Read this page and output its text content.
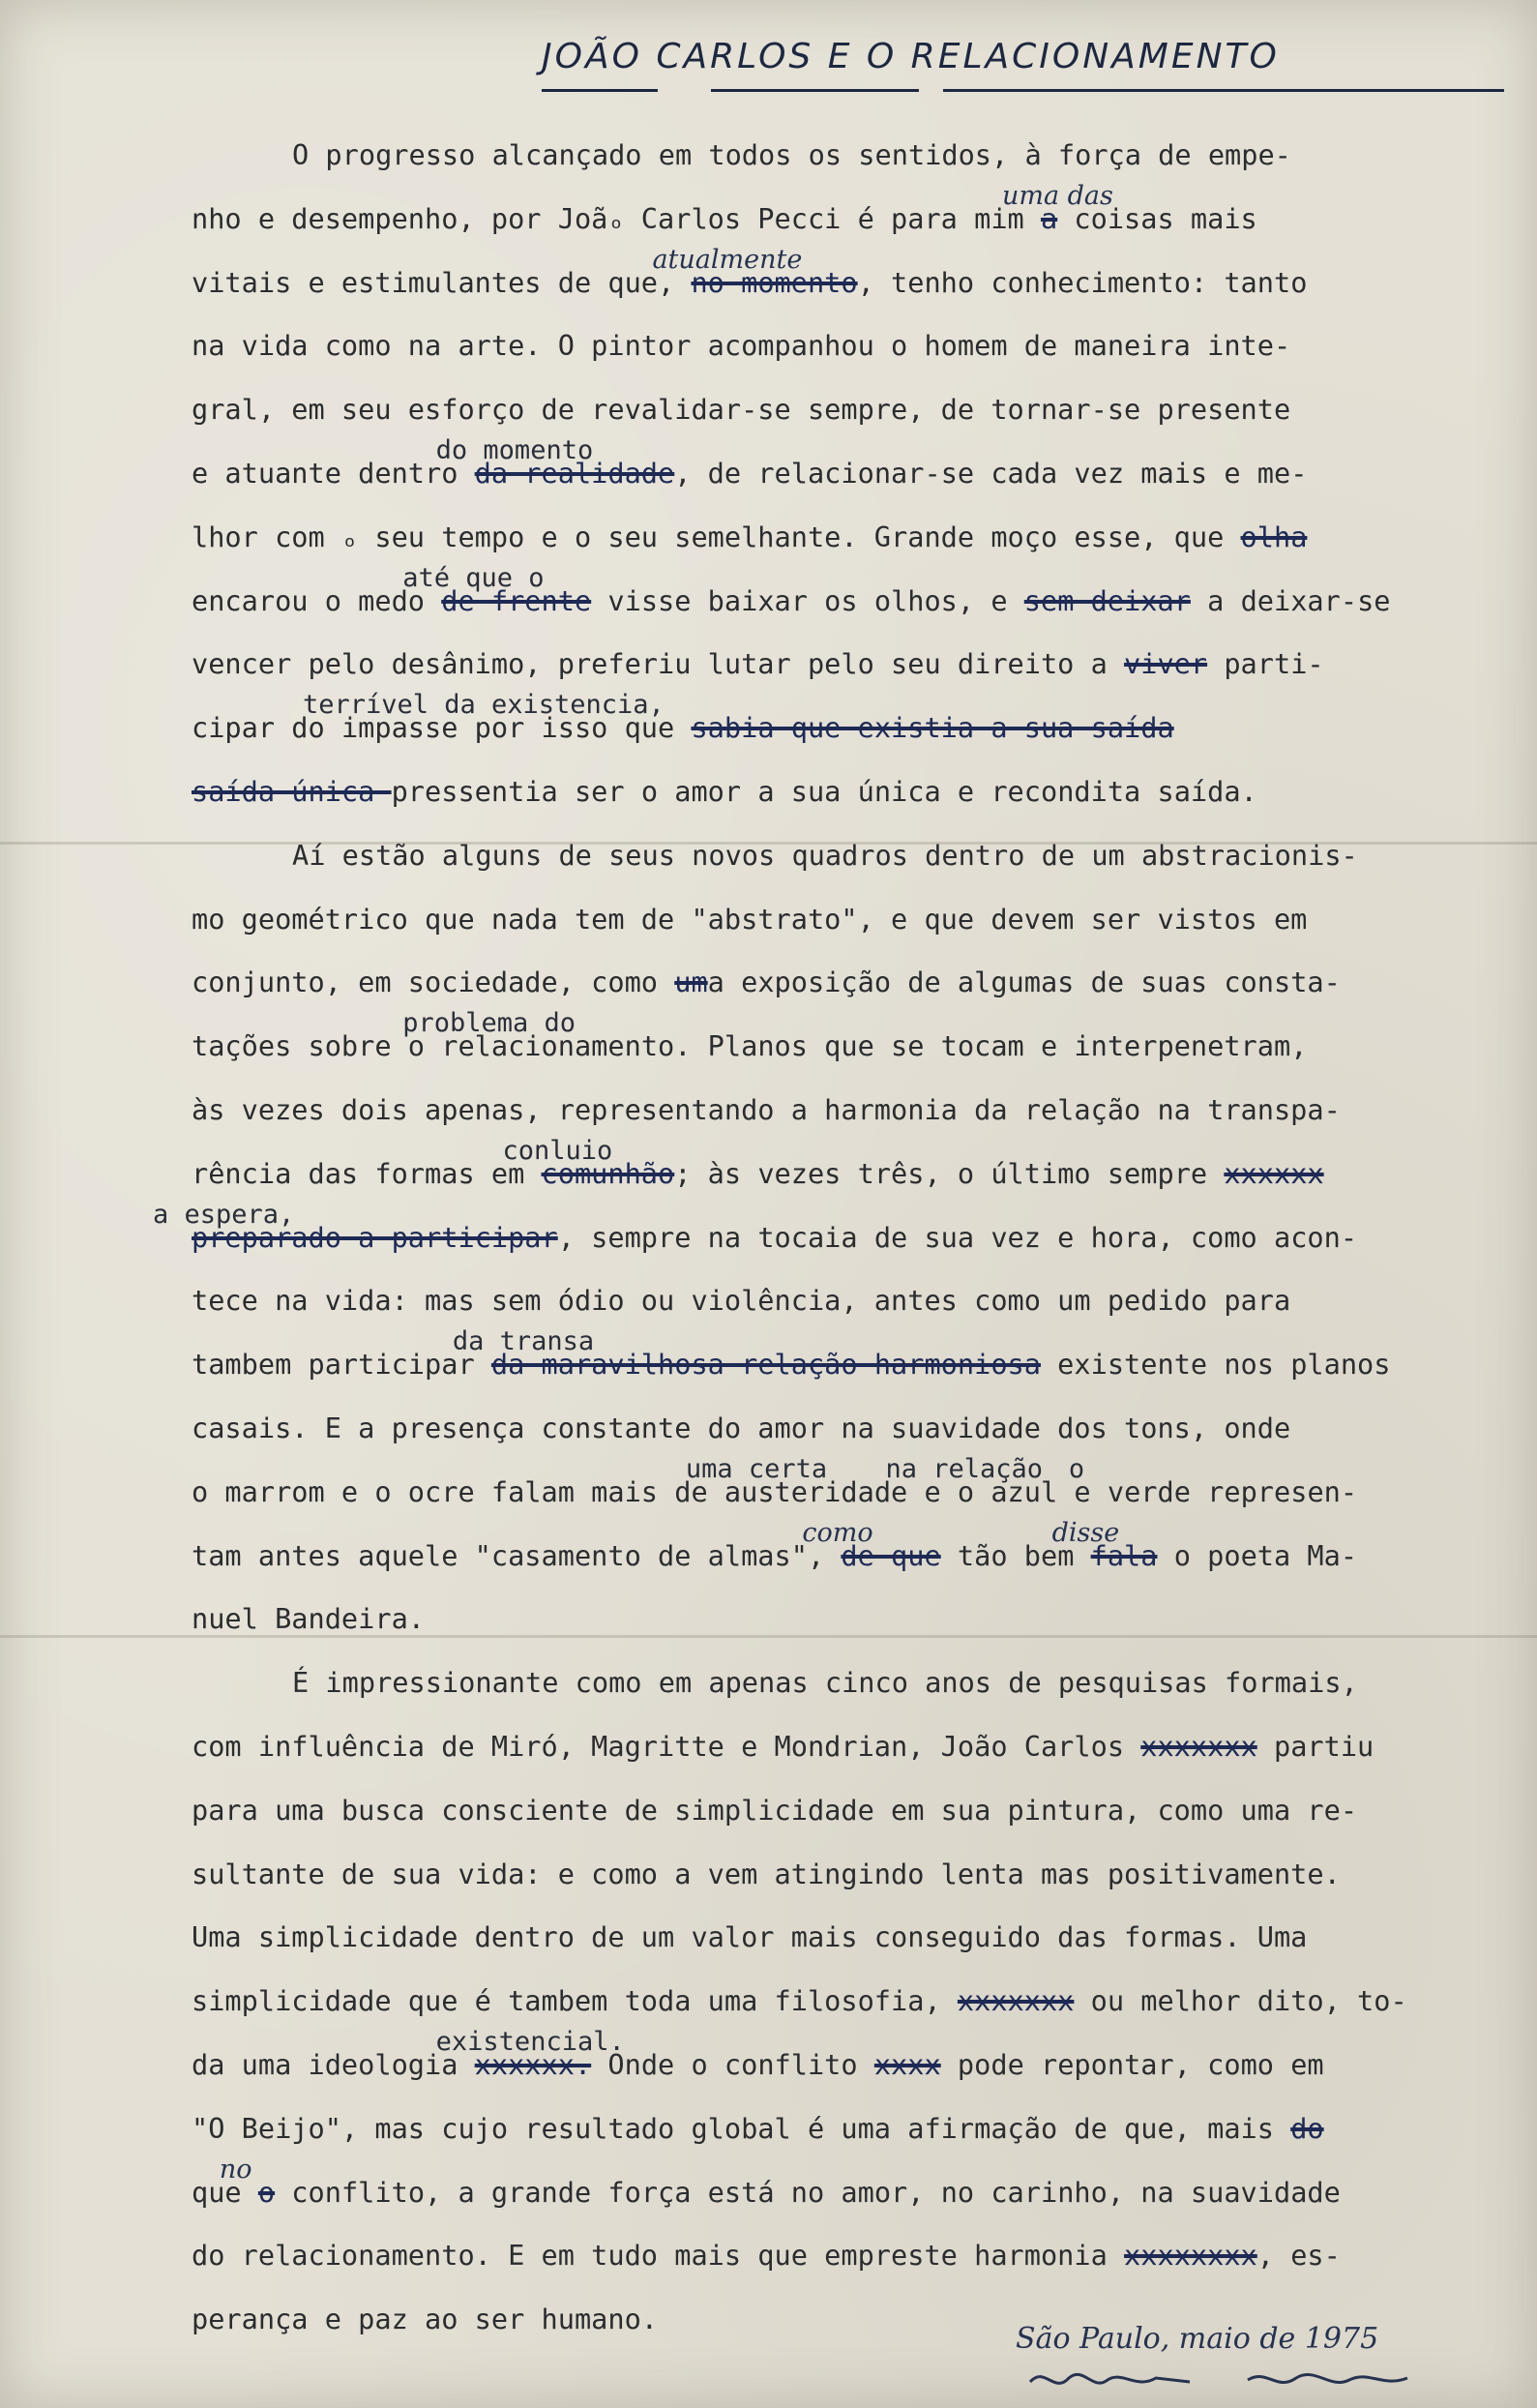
JOÃO CARLOS E O RELACIONAMENTO
O progresso alcançado em todos os sentidos, à força de empe-
nho e desempenho, por Joãₒ Carlos Pecci é para mim
uma das
a coisas mais
vitais e estimulantes de que,
atualmente
no momento, tenho conhecimento: tanto
na vida como na arte. O pintor acompanhou o homem de maneira inte-
gral, em seu esforço de revalidar-se sempre, de tornar-se presente
e atuante dentro
do momento
da realidade, de relacionar-se cada vez mais e me-
lhor com ₒ seu tempo e o seu semelhante. Grande moço esse, que olha
encarou o medo
até que o
de frente visse baixar os olhos, e sem deixar a deixar-se
vencer pelo desânimo, preferiu lutar pelo seu direito a viver parti-
cipar do
terrível da existencia,
impasse por isso que sabia que existia a sua saída
saída única pressentia ser o amor a sua única e recondita saída.
Aí estão alguns de seus novos quadros dentro de um abstracionis-
mo geométrico que nada tem de "abstrato", e que devem ser vistos em
conjunto, em sociedade, como uma exposição de algumas de suas consta-
tações sobre o
problema do
relacionamento. Planos que se tocam e interpenetram,
às vezes dois apenas, representando a harmonia da relação na transpa-
rência das formas em
conluio
comunhão; às vezes três, o último sempre xxxxxx
a espera,
preparado a participar, sempre na tocaia de sua vez e hora, como acon-
tece na vida: mas sem ódio ou violência, antes como um pedido para
tambem participar
da transa
da maravilhosa relação harmoniosa existente nos planos
casais. E a presença constante do amor na suavidade dos tons, onde
o marrom e o ocre falam mais de
uma certa
austeridade
na relação
e o azul e
o
verde represen-
tam antes aquele "casamento de almas",
como
de que tão bem
disse
fala o poeta Ma-
nuel Bandeira.
É impressionante como em apenas cinco anos de pesquisas formais,
com influência de Miró, Magritte e Mondrian, João Carlos xxxxxxx partiu
para uma busca consciente de simplicidade em sua pintura, como uma re-
sultante de sua vida: e como a vem atingindo lenta mas positivamente.
Uma simplicidade dentro de um valor mais conseguido das formas. Uma
simplicidade que é tambem toda uma filosofia, xxxxxxx ou melhor dito, to-
da uma ideologia
existencial.
xxxxxx. Onde o conflito xxxx pode repontar, como em
"O Beijo", mas cujo resultado global é uma afirmação de que, mais do
que
no
o conflito, a grande força está no amor, no carinho, na suavidade
do relacionamento. E em tudo mais que empreste harmonia xxxxxxxx, es-
perança e paz ao ser humano.
São Paulo, maio de 1975
